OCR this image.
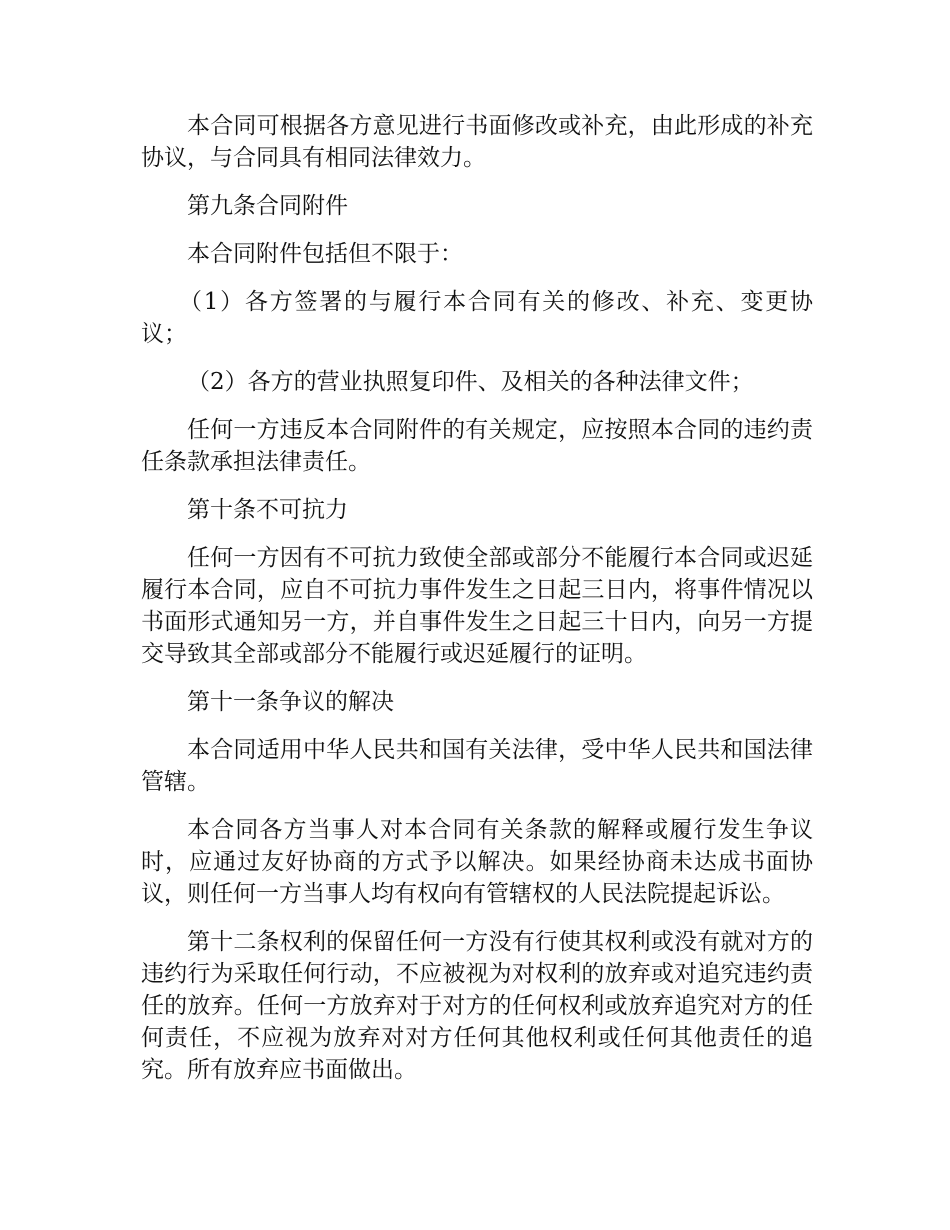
本合同可根据各方意见进行书面修改或补充，由此形成的补充协议，与合同具有相同法律效力。

第九条合同附件

本合同附件包括但不限于：

（1）各方签署的与履行本合同有关的修改、补充、变更协议；

（2）各方的营业执照复印件、及相关的各种法律文件；

任何一方违反本合同附件的有关规定，应按照本合同的违约责任条款承担法律责任。

第十条不可抗力

任何一方因有不可抗力致使全部或部分不能履行本合同或迟延履行本合同，应自不可抗力事件发生之日起三日内，将事件情况以书面形式通知另一方，并自事件发生之日起三十日内，向另一方提交导致其全部或部分不能履行或迟延履行的证明。

第十一条争议的解决

本合同适用中华人民共和国有关法律，受中华人民共和国法律管辖。

本合同各方当事人对本合同有关条款的解释或履行发生争议时，应通过友好协商的方式予以解决。如果经协商未达成书面协议，则任何一方当事人均有权向有管辖权的人民法院提起诉讼。

第十二条权利的保留任何一方没有行使其权利或没有就对方的违约行为采取任何行动，不应被视为对权利的放弃或对追究违约责任的放弃。任何一方放弃对于对方的任何权利或放弃追究对方的任何责任，不应视为放弃对对方任何其他权利或任何其他责任的追究。所有放弃应书面做出。
